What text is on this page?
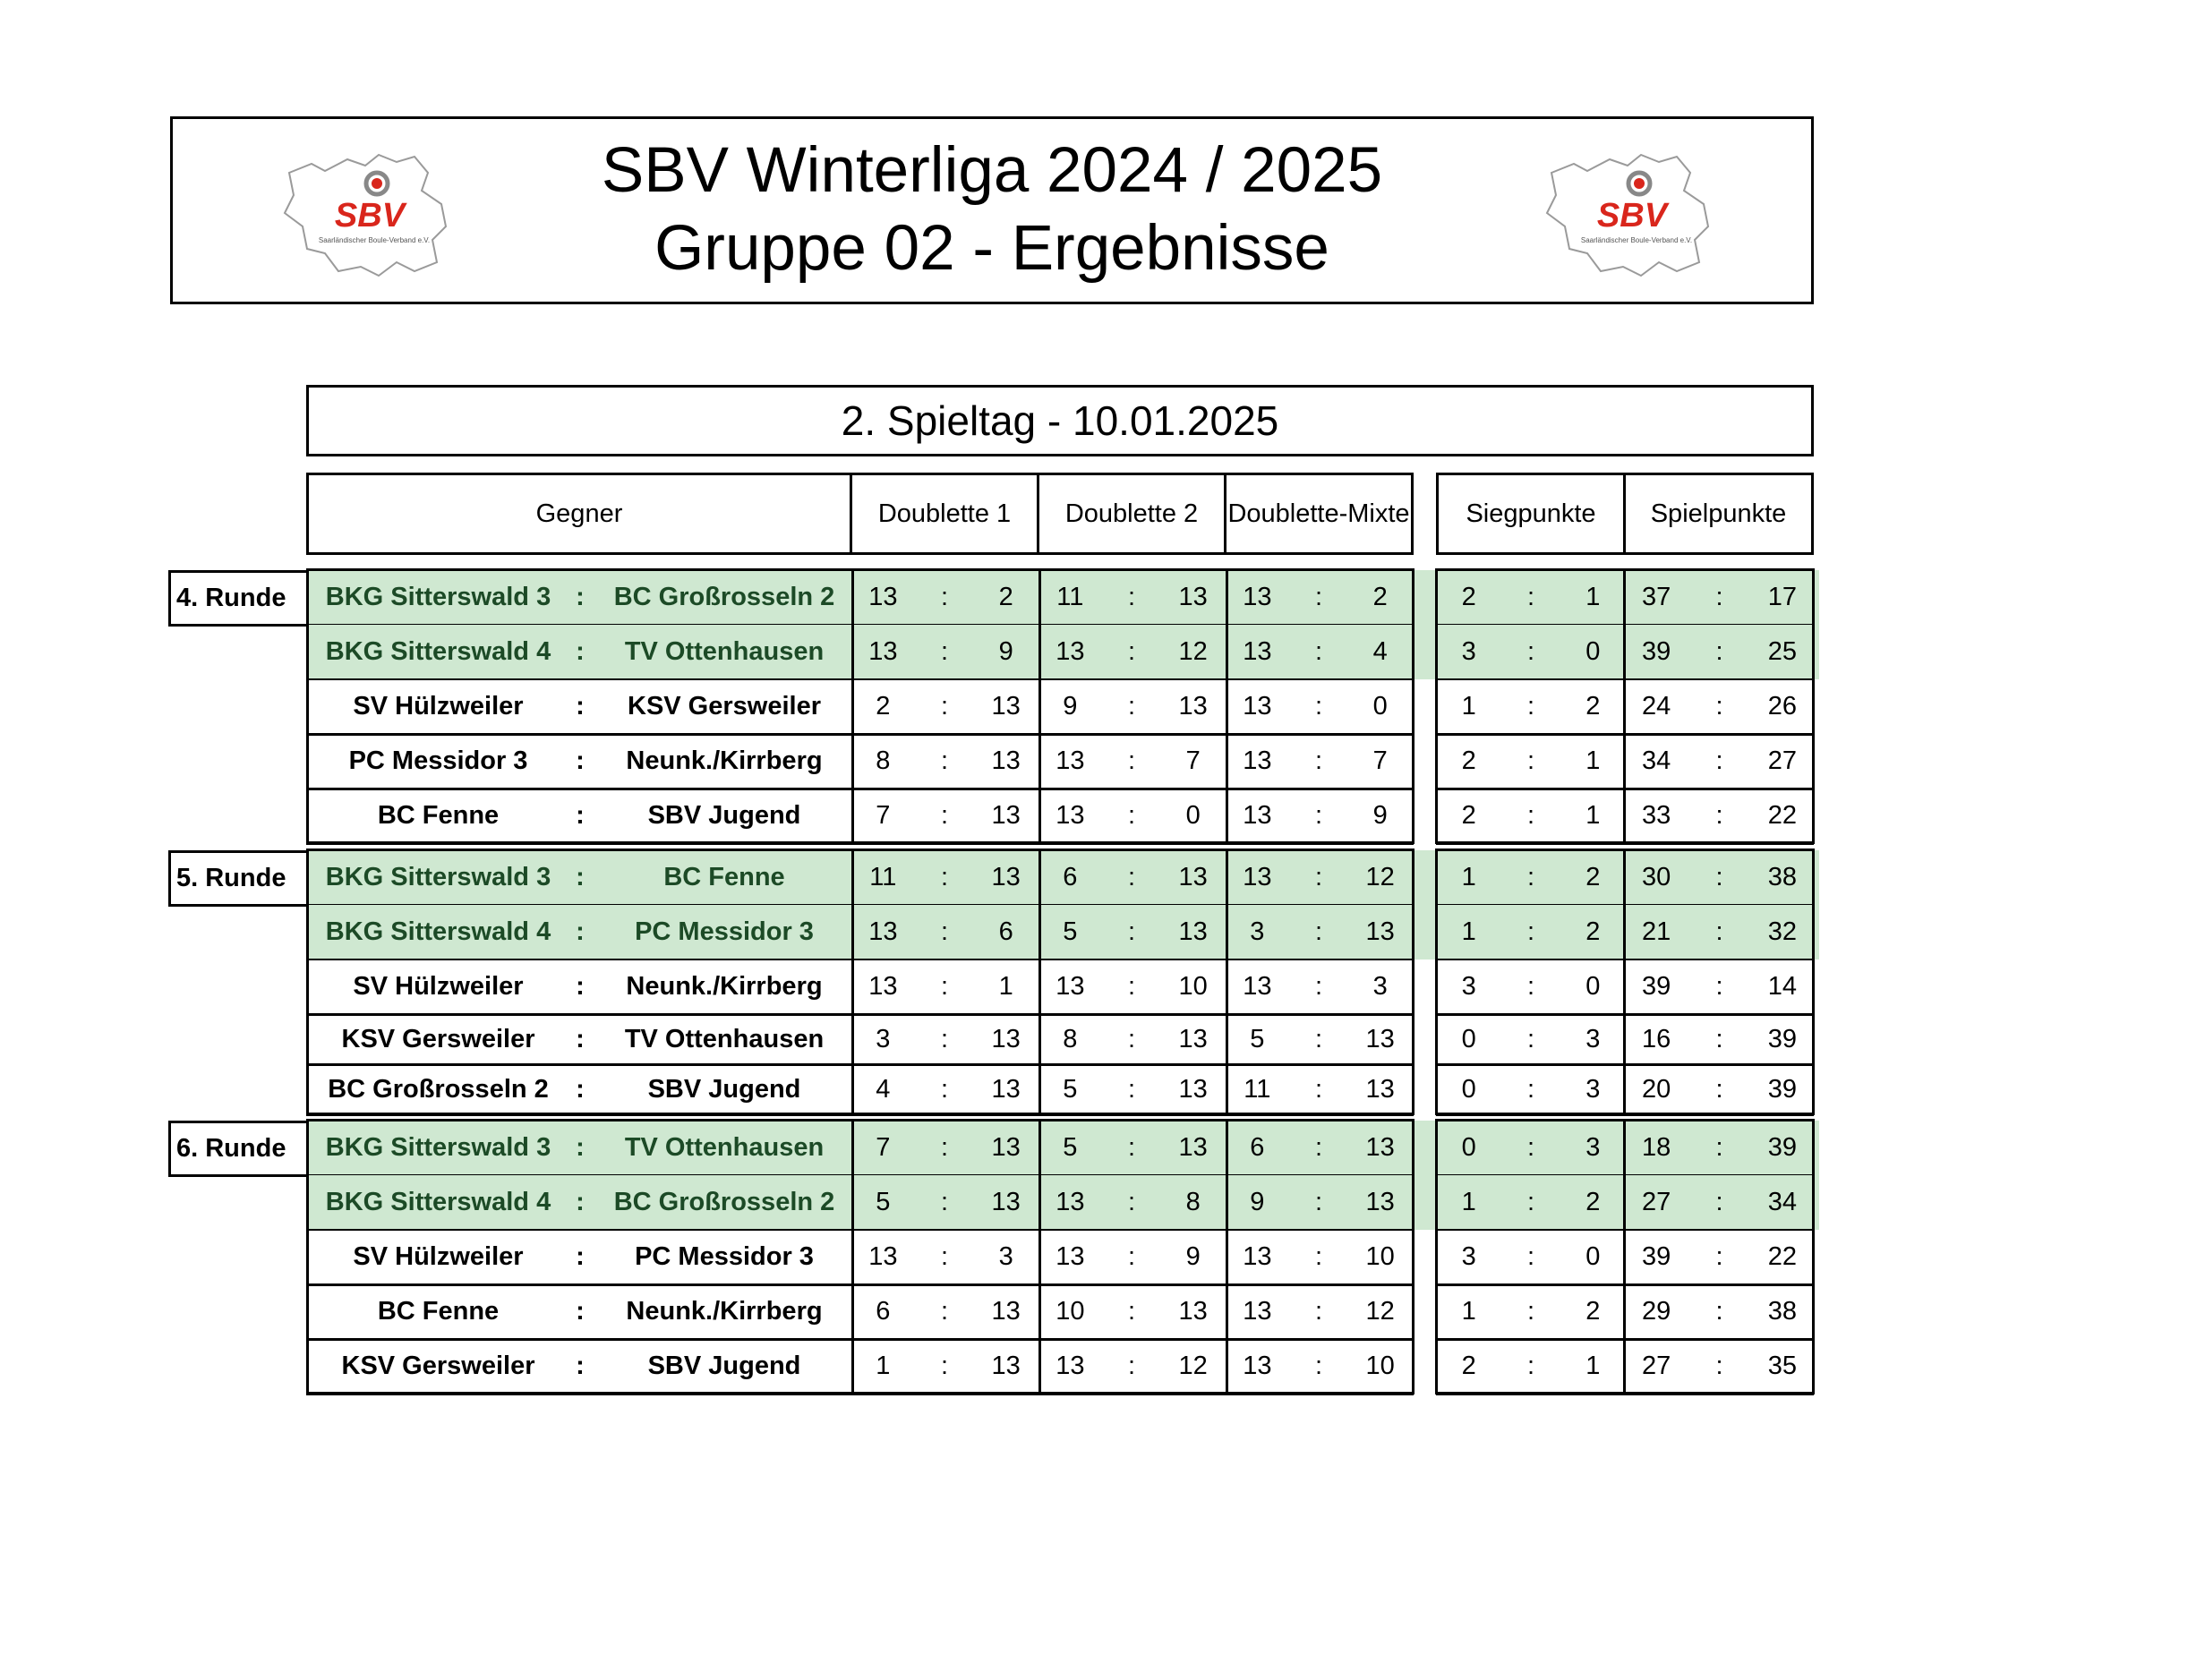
SBV
Saarländischer Boule-Verband e.V.
SBV Winterliga 2024 / 2025
Gruppe 02 - Ergebnisse	SBV
Saarländischer Boule-Verband e.V.
2. Spieltag - 10.01.2025
Gegner	Doublette 1	Doublette 2	Doublette-Mixte	Siegpunkte	Spielpunkte
4. Runde	BKG Sitterswald 3 :	BC Großrosseln 2	13	:	2	11	:	13	13	:	2	2	:	1	37	:	17
BKG Sitterswald 4 :	TV Ottenhausen	13	:	9	13	:	12	13	:	4	3	:	0	39	:	25
SV Hülzweiler	:	KSV Gersweiler	2	:	13	9	:	13	13	:	0	1	:	2	24	:	26
PC Messidor 3	:	Neunk./Kirrberg	8	:	13	13	:	7	13	:	7	2	:	1	34	:	27
BC Fenne	:	SBV Jugend	7	:	13	13	:	0	13	:	9	2	:	1	33	:	22
5. Runde	BKG Sitterswald 3 :	BC Fenne	11	:	13	6	:	13	13	:	12	1	:	2	30	:	38
BKG Sitterswald 4 :	PC Messidor 3	13	:	6	5	:	13	3	:	13	1	:	2	21	:	32
SV Hülzweiler	:	Neunk./Kirrberg	13	:	1	13	:	10	13	:	3	3	:	0	39	:	14
KSV Gersweiler	:	TV Ottenhausen	3	:	13	8	:	13	5	:	13	0	:	3	16	:	39
BC Großrosseln 2	:	SBV Jugend	4	:	13	5	:	13	11	:	13	0	:	3	20	:	39
6. Runde	BKG Sitterswald 3 :	TV Ottenhausen	7	:	13	5	:	13	6	:	13	0	:	3	18	:	39
BKG Sitterswald 4 :	BC Großrosseln 2	5	:	13	13	:	8	9	:	13	1	:	2	27	:	34
SV Hülzweiler	:	PC Messidor 3	13	:	3	13	:	9	13	:	10	3	:	0	39	:	22
BC Fenne	:	Neunk./Kirrberg	6	:	13	10	:	13	13	:	12	1	:	2	29	:	38
KSV Gersweiler	:	SBV Jugend	1	:	13	13	:	12	13	:	10	2	:	1	27	:	35
